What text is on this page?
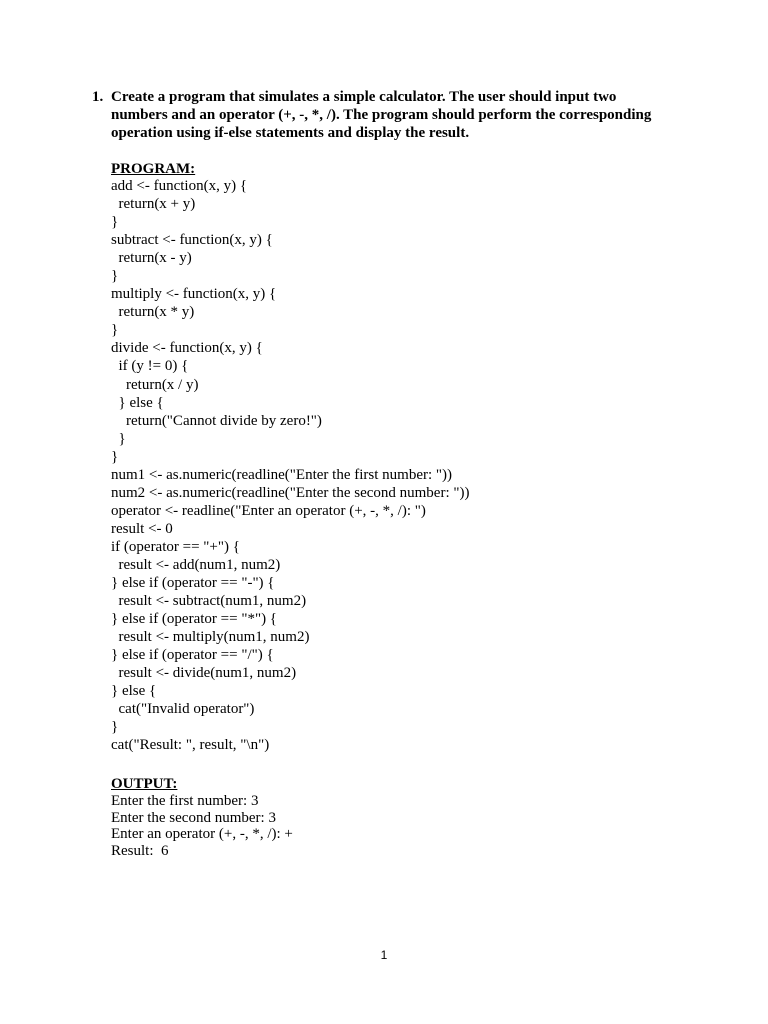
1. Create a program that simulates a simple calculator. The user should input two
numbers and an operator (+, -, *, /). The program should perform the corresponding
operation using if-else statements and display the result.
PROGRAM:
add <- function(x, y) {
return(x + y)
}
subtract <- function(x, y) {
return(x - y)
}
multiply <- function(x, y) {
return(x * y)
}
divide <- function(x, y) {
if (y != 0) {
return(x / y)
} else {
return("Cannot divide by zero!")
}
}
num1 <- as.numeric(readline("Enter the first number: "))
num2 <- as.numeric(readline("Enter the second number: "))
operator <- readline("Enter an operator (+, -, *, /): ")
result <- 0
if (operator == "+") {
result <- add(num1, num2)
} else if (operator == "-") {
result <- subtract(num1, num2)
} else if (operator == "*") {
result <- multiply(num1, num2)
} else if (operator == "/") {
result <- divide(num1, num2)
} else {
cat("Invalid operator")
}
cat("Result: ", result, "\n")
OUTPUT:
Enter the first number: 3
Enter the second number: 3
Enter an operator (+, -, *, /): +
Result:  6
1
